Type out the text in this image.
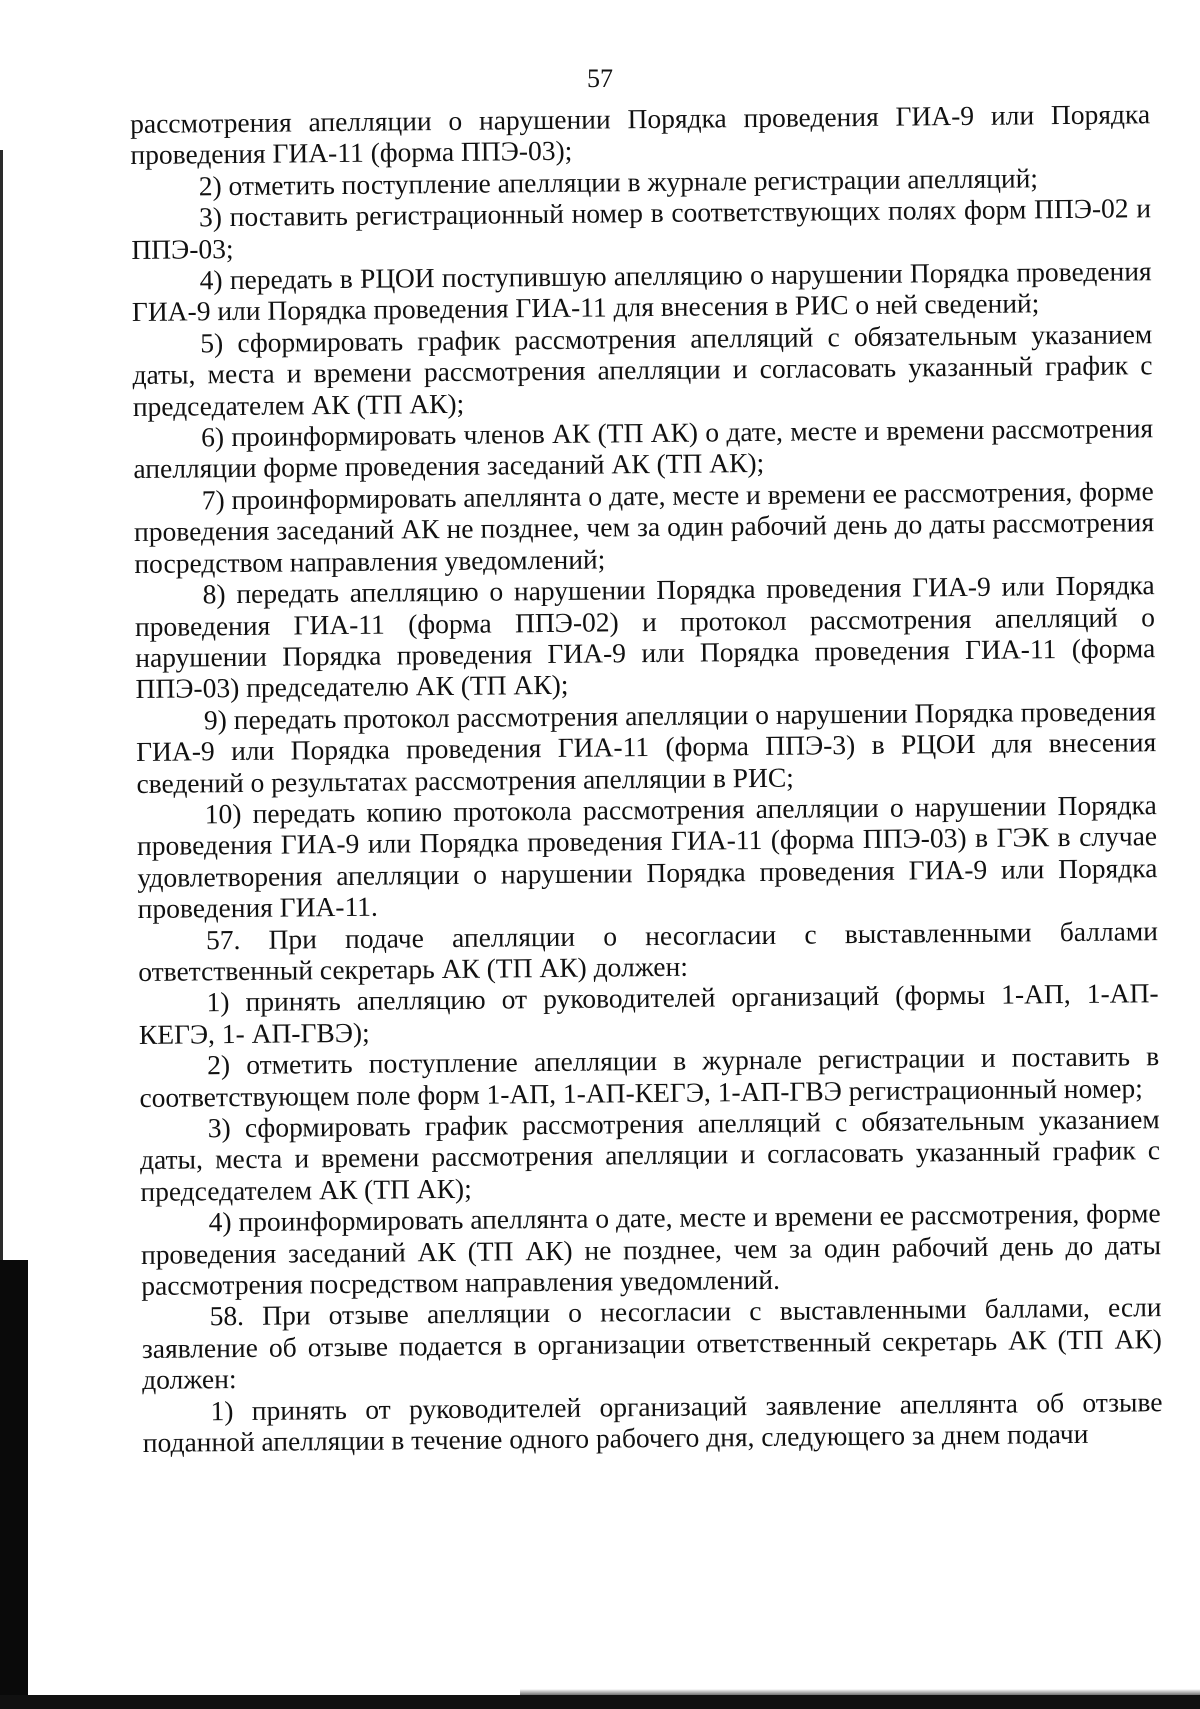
57

рассмотрения апелляции о нарушении Порядка проведения ГИА-9 или Порядка проведения ГИА-11 (форма ППЭ-03);

2) отметить поступление апелляции в журнале регистрации апелляций;

3) поставить регистрационный номер в соответствующих полях форм ППЭ-02 и ППЭ-03;

4) передать в РЦОИ поступившую апелляцию о нарушении Порядка проведения ГИА-9 или Порядка проведения ГИА-11 для внесения в РИС о ней сведений;

5) сформировать график рассмотрения апелляций с обязательным указанием даты, места и времени рассмотрения апелляции и согласовать указанный график с председателем АК (ТП АК);

6) проинформировать членов АК (ТП АК) о дате, месте и времени рассмотрения апелляции форме проведения заседаний АК (ТП АК);

7) проинформировать апеллянта о дате, месте и времени ее рассмотрения, форме проведения заседаний АК не позднее, чем за один рабочий день до даты рассмотрения посредством направления уведомлений;

8) передать апелляцию о нарушении Порядка проведения ГИА-9 или Порядка проведения ГИА-11 (форма ППЭ-02) и протокол рассмотрения апелляций о нарушении Порядка проведения ГИА-9 или Порядка проведения ГИА-11 (форма ППЭ-03) председателю АК (ТП АК);

9) передать протокол рассмотрения апелляции о нарушении Порядка проведения ГИА-9 или Порядка проведения ГИА-11 (форма ППЭ-3) в РЦОИ для внесения сведений о результатах рассмотрения апелляции в РИС;

10) передать копию протокола рассмотрения апелляции о нарушении Порядка проведения ГИА-9 или Порядка проведения ГИА-11 (форма ППЭ-03) в ГЭК в случае удовлетворения апелляции о нарушении Порядка проведения ГИА-9 или Порядка проведения ГИА-11.

57. При подаче апелляции о несогласии с выставленными баллами ответственный секретарь АК (ТП АК) должен:

1) принять апелляцию от руководителей организаций (формы 1-АП, 1-АП-КЕГЭ, 1- АП-ГВЭ);

2) отметить поступление апелляции в журнале регистрации и поставить в соответствующем поле форм 1-АП, 1-АП-КЕГЭ, 1-АП-ГВЭ регистрационный номер;

3) сформировать график рассмотрения апелляций с обязательным указанием даты, места и времени рассмотрения апелляции и согласовать указанный график с председателем АК (ТП АК);

4) проинформировать апеллянта о дате, месте и времени ее рассмотрения, форме проведения заседаний АК (ТП АК) не позднее, чем за один рабочий день до даты рассмотрения посредством направления уведомлений.

58. При отзыве апелляции о несогласии с выставленными баллами, если заявление об отзыве подается в организации ответственный секретарь АК (ТП АК) должен:

1) принять от руководителей организаций заявление апеллянта об отзыве поданной апелляции в течение одного рабочего дня, следующего за днем подачи
